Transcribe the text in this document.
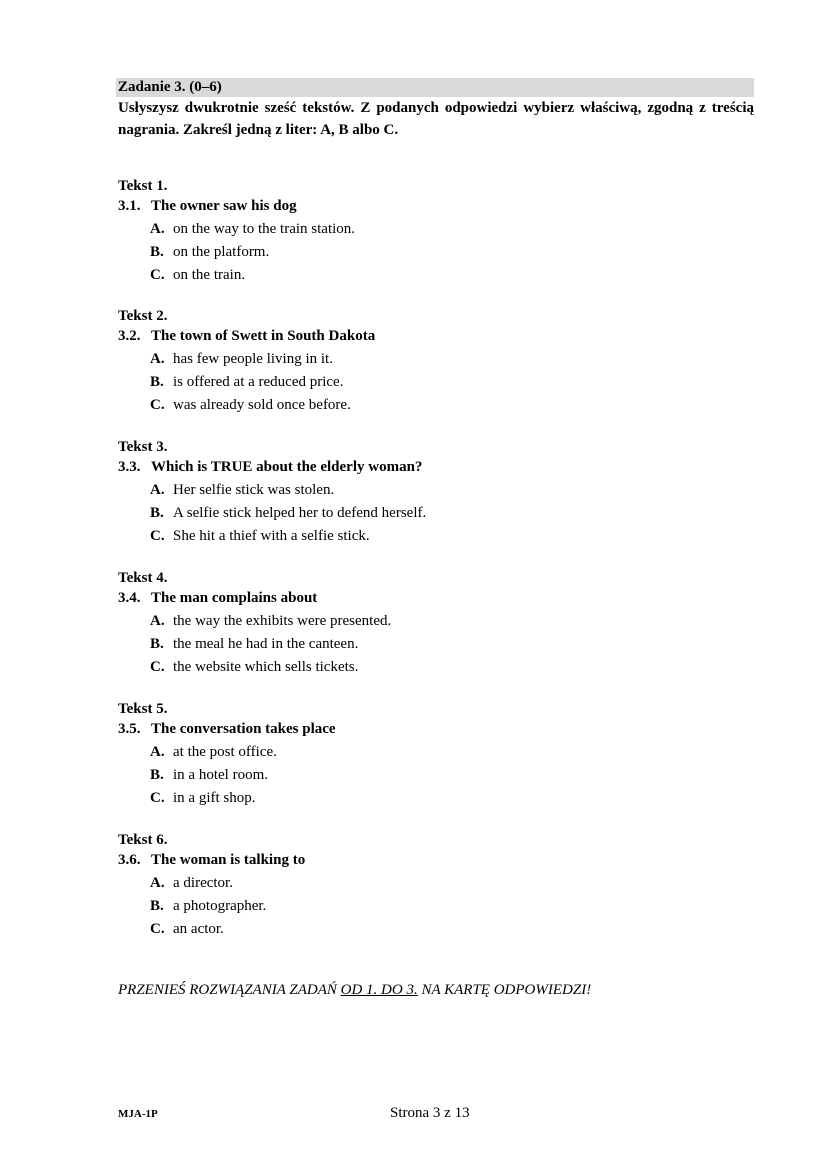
Zadanie 3. (0–6)
Usłyszysz dwukrotnie sześć tekstów. Z podanych odpowiedzi wybierz właściwą, zgodną z treścią nagrania. Zakreśl jedną z liter: A, B albo C.
Tekst 1.
3.1. The owner saw his dog
A. on the way to the train station.
B. on the platform.
C. on the train.
Tekst 2.
3.2. The town of Swett in South Dakota
A. has few people living in it.
B. is offered at a reduced price.
C. was already sold once before.
Tekst 3.
3.3. Which is TRUE about the elderly woman?
A. Her selfie stick was stolen.
B. A selfie stick helped her to defend herself.
C. She hit a thief with a selfie stick.
Tekst 4.
3.4. The man complains about
A. the way the exhibits were presented.
B. the meal he had in the canteen.
C. the website which sells tickets.
Tekst 5.
3.5. The conversation takes place
A. at the post office.
B. in a hotel room.
C. in a gift shop.
Tekst 6.
3.6. The woman is talking to
A. a director.
B. a photographer.
C. an actor.
PRZENIEŚ ROZWIĄZANIA ZADAŃ OD 1. DO 3. NA KARTĘ ODPOWIEDZI!
MJA-1P	Strona 3 z 13
